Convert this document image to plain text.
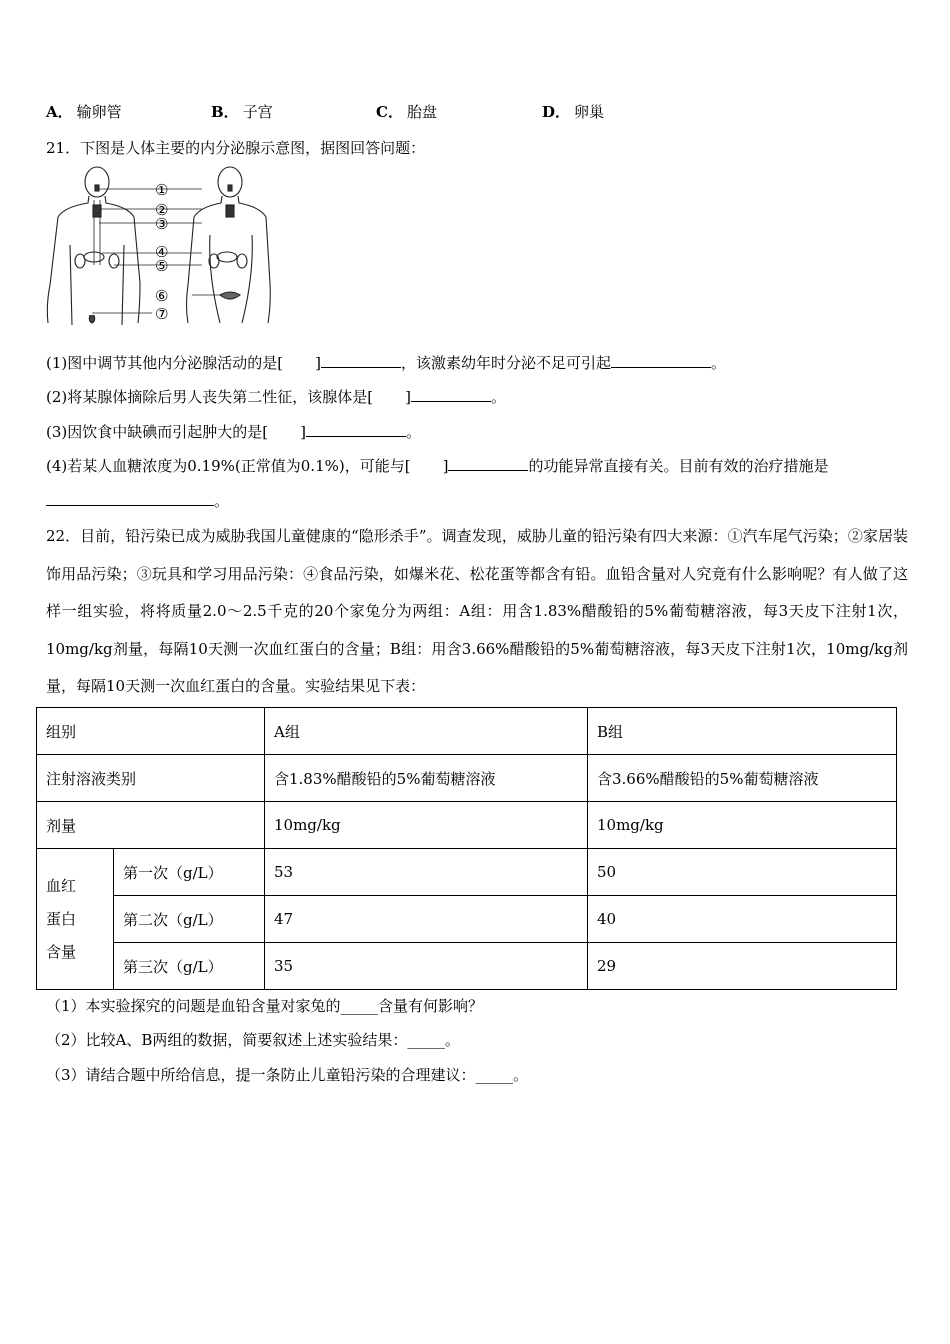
A． 输卵管	B． 子宫	C． 胎盘	D． 卵巢
21．下图是人体主要的内分泌腺示意图，据图回答问题：
①
②
③
④
⑤
⑥
⑦
(1)图中调节其他内分泌腺活动的是[ ]	，该激素幼年时分泌不足可引起	。
(2)将某腺体摘除后男人丧失第二性征，该腺体是[ ]	。
(3)因饮食中缺碘而引起肿大的是[ ]	。
(4)若某人血糖浓度为0.19%(正常值为0.1%)，可能与[ ]	的功能异常直接有关。目前有效的治疗措施是
。
22．目前，铅污染已成为威胁我国儿童健康的“隐形杀手”。调查发现，威胁儿童的铅污染有四大来源：①汽车尾气污染；②家居装饰用品污染；③玩具和学习用品污染：④食品污染，如爆米花、松花蛋等都含有铅。血铅含量对人究竟有什么影响呢？有人做了这样一组实验，将将质量2.0～2.5千克的20个家兔分为两组：A组：用含1.83%醋酸铅的5%葡萄糖溶液，每3天皮下注射1次，10mg/kg剂量，每隔10天测一次血红蛋白的含量；B组：用含3.66%醋酸铅的5%葡萄糖溶液，每3天皮下注射1次，10mg/kg剂量，每隔10天测一次血红蛋白的含量。实验结果见下表：
组别		A组	B组
注射溶液类别		含1.83%醋酸铅的5%葡萄糖溶液	含3.66%醋酸铅的5%葡萄糖溶液
剂量		10mg/kg	10mg/kg
血红
蛋白
含量	第一次（g/L）	53	50
	第二次（g/L）	47	40
	第三次（g/L）	35	29
（1）本实验探究的问题是血铅含量对家兔的_____含量有何影响？
（2）比较A、B两组的数据，简要叙述上述实验结果：_____。
（3）请结合题中所给信息，提一条防止儿童铅污染的合理建议：_____。
